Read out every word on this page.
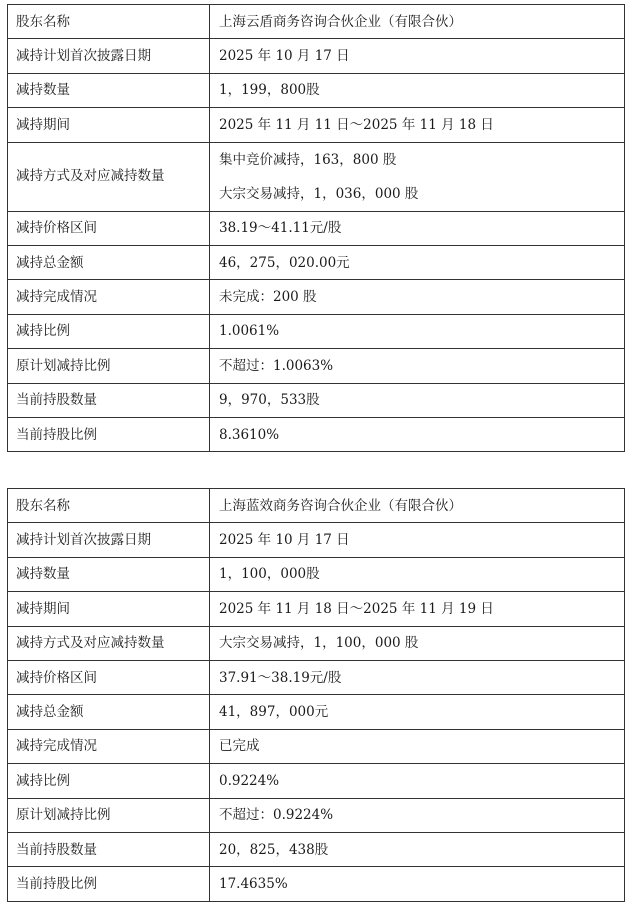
股东名称	上海云盾商务咨询合伙企业（有限合伙）
减持计划首次披露日期	2025 年 10 月 17 日
减持数量	1，199，800股
减持期间	2025 年 11 月 11 日～2025 年 11 月 18 日
减持方式及对应减持数量	集中竞价减持，163，800 股
大宗交易减持，1，036，000 股

减持价格区间	38.19～41.11元/股
减持总金额	46，275，020.00元
减持完成情况	未完成：200 股
减持比例	1.0061%
原计划减持比例	不超过：1.0063%
当前持股数量	9，970，533股
当前持股比例	8.3610%
股东名称	上海蓝效商务咨询合伙企业（有限合伙）
减持计划首次披露日期	2025 年 10 月 17 日
减持数量	1，100，000股
减持期间	2025 年 11 月 18 日～2025 年 11 月 19 日
减持方式及对应减持数量	大宗交易减持，1，100，000 股
减持价格区间	37.91～38.19元/股
减持总金额	41，897，000元
减持完成情况	已完成
减持比例	0.9224%
原计划减持比例	不超过：0.9224%
当前持股数量	20，825，438股
当前持股比例	17.4635%
